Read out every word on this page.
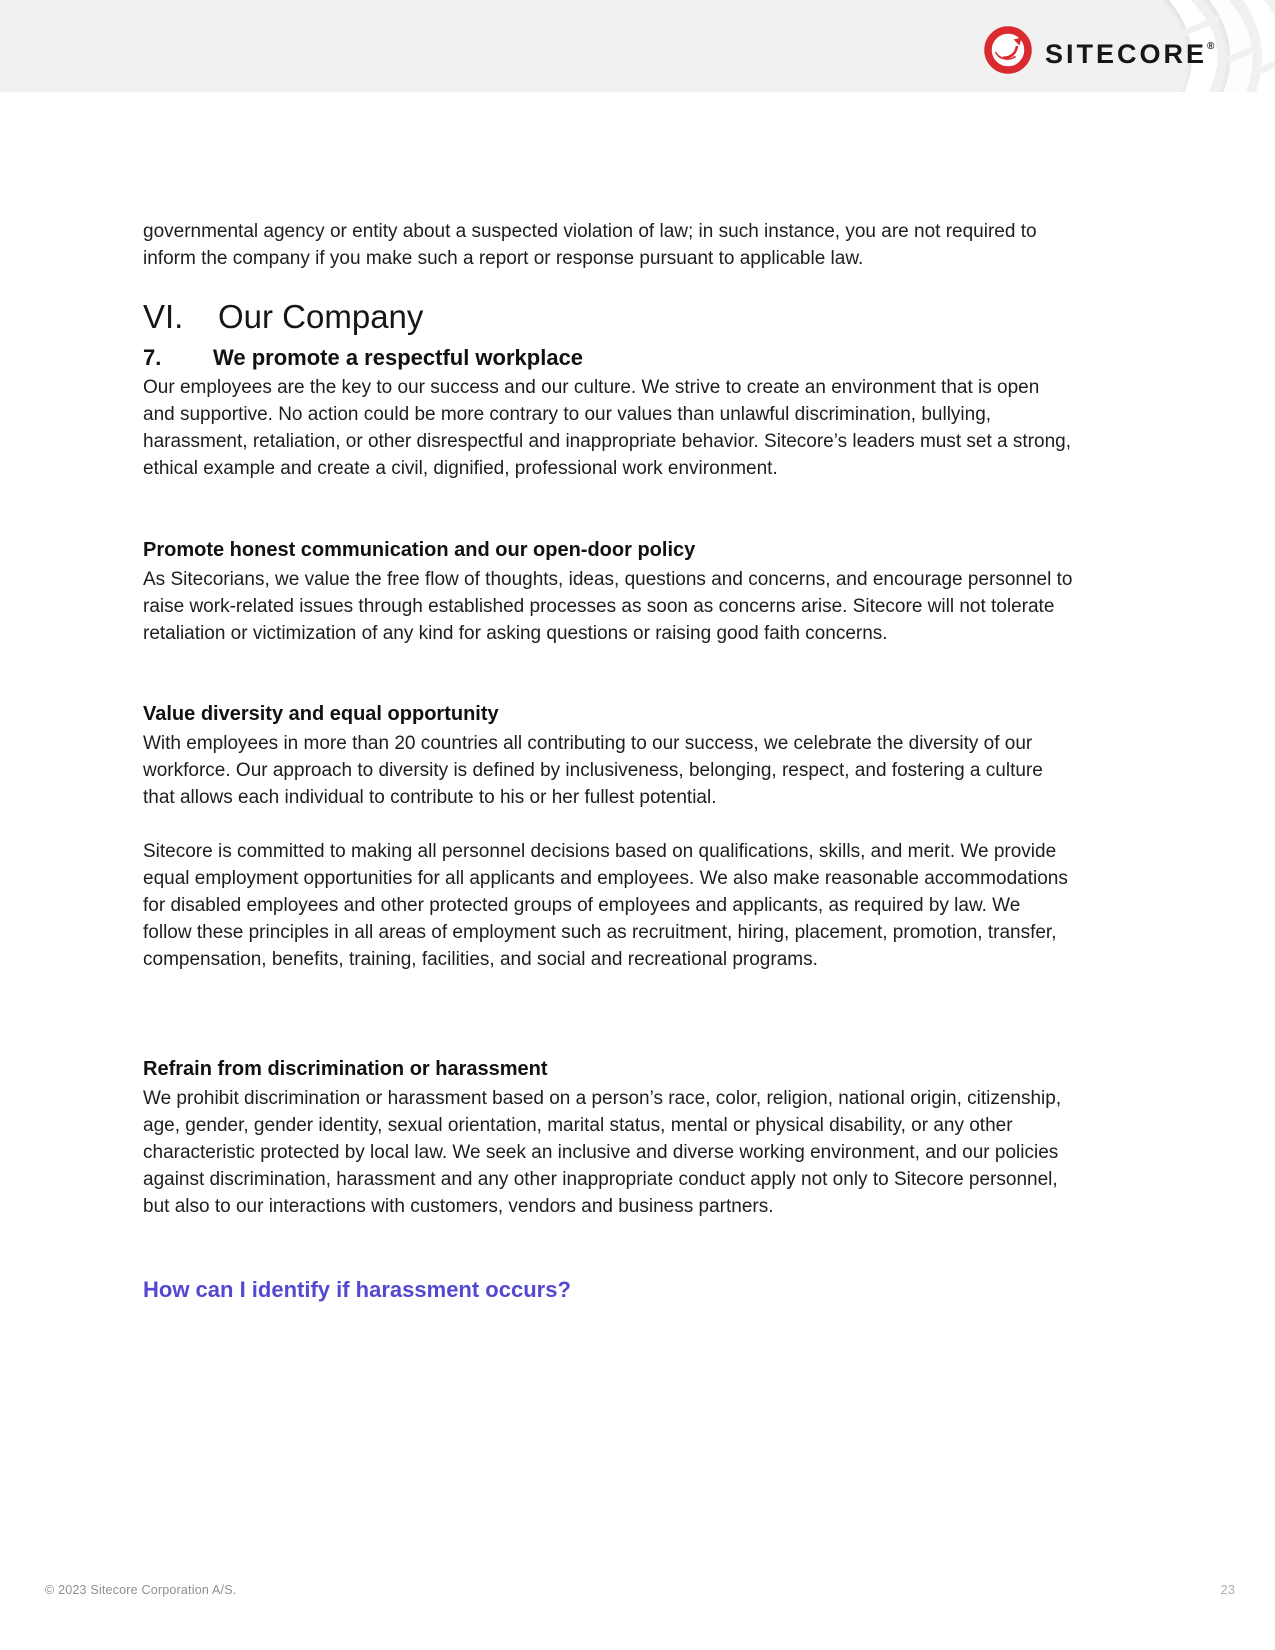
SITECORE®
governmental agency or entity about a suspected violation of law; in such instance, you are not required to inform the company if you make such a report or response pursuant to applicable law.
VI. Our Company
7. We promote a respectful workplace
Our employees are the key to our success and our culture. We strive to create an environment that is open and supportive. No action could be more contrary to our values than unlawful discrimination, bullying, harassment, retaliation, or other disrespectful and inappropriate behavior. Sitecore’s leaders must set a strong, ethical example and create a civil, dignified, professional work environment.
Promote honest communication and our open-door policy
As Sitecorians, we value the free flow of thoughts, ideas, questions and concerns, and encourage personnel to raise work-related issues through established processes as soon as concerns arise. Sitecore will not tolerate retaliation or victimization of any kind for asking questions or raising good faith concerns.
Value diversity and equal opportunity
With employees in more than 20 countries all contributing to our success, we celebrate the diversity of our workforce. Our approach to diversity is defined by inclusiveness, belonging, respect, and fostering a culture that allows each individual to contribute to his or her fullest potential.
Sitecore is committed to making all personnel decisions based on qualifications, skills, and merit. We provide equal employment opportunities for all applicants and employees. We also make reasonable accommodations for disabled employees and other protected groups of employees and applicants, as required by law. We follow these principles in all areas of employment such as recruitment, hiring, placement, promotion, transfer, compensation, benefits, training, facilities, and social and recreational programs.
Refrain from discrimination or harassment
We prohibit discrimination or harassment based on a person’s race, color, religion, national origin, citizenship, age, gender, gender identity, sexual orientation, marital status, mental or physical disability, or any other characteristic protected by local law. We seek an inclusive and diverse working environment, and our policies against discrimination, harassment and any other inappropriate conduct apply not only to Sitecore personnel, but also to our interactions with customers, vendors and business partners.
How can I identify if harassment occurs?
© 2023 Sitecore Corporation A/S.	23
